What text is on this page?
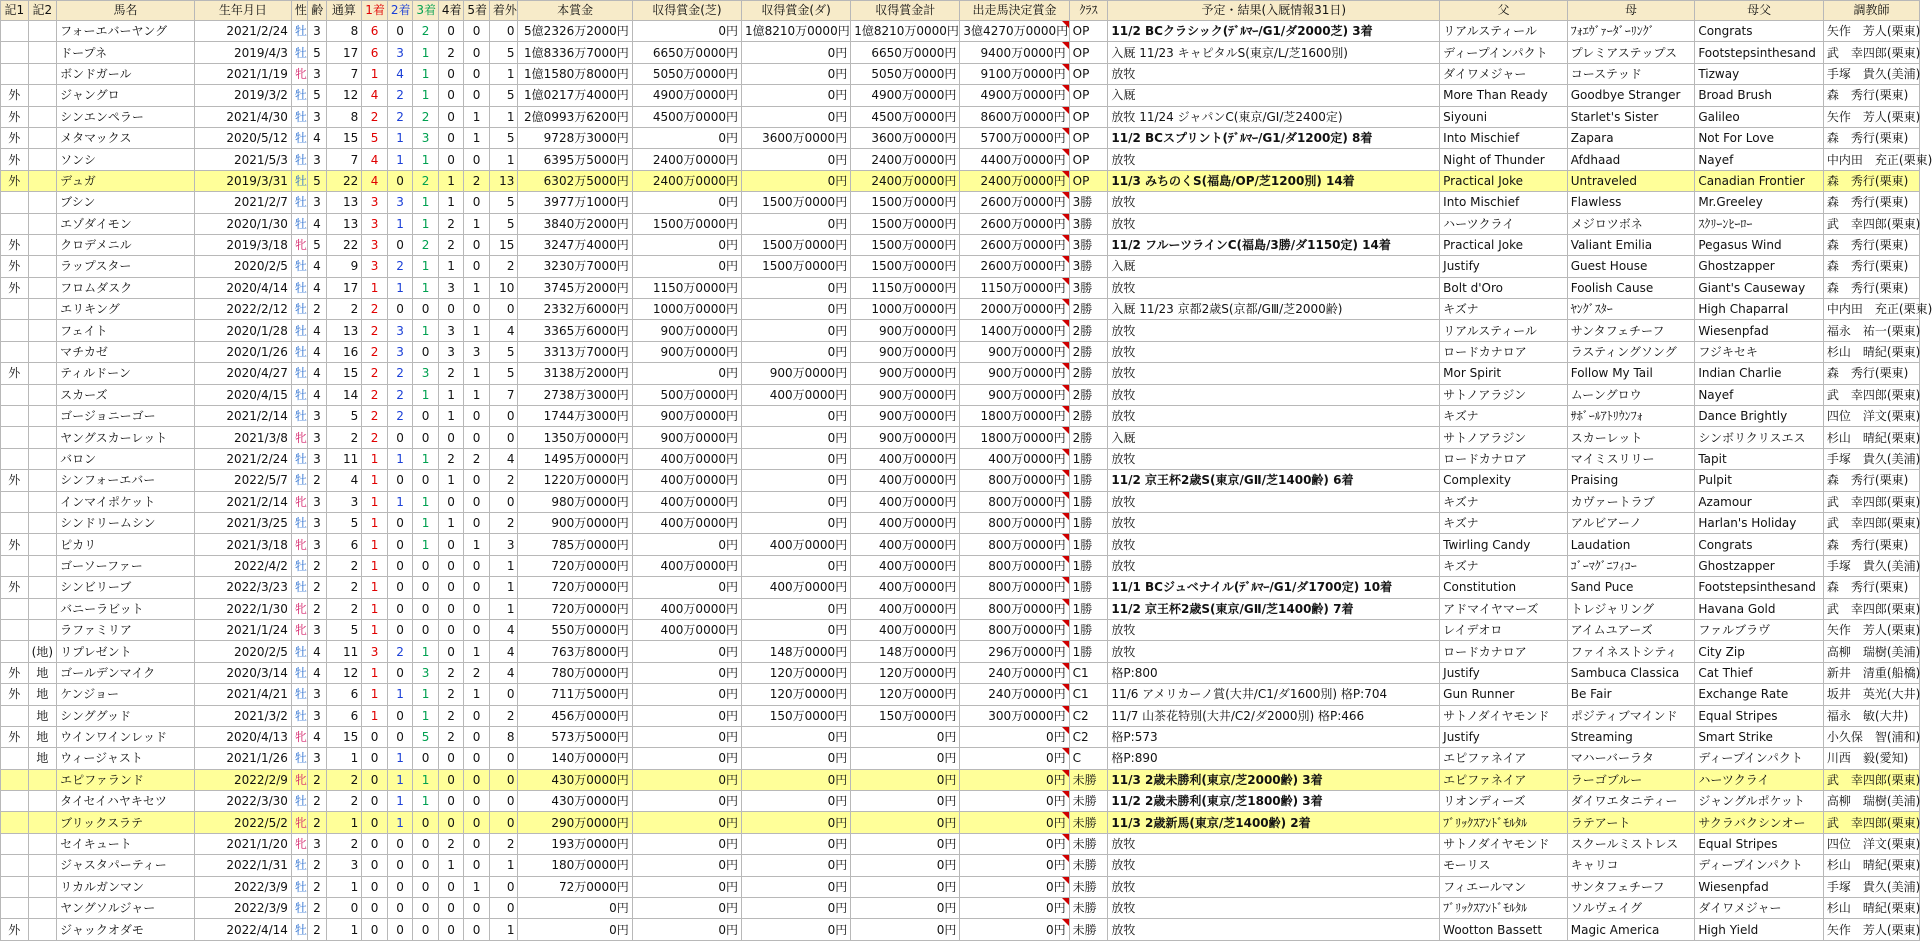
記1	記2	馬名	生年月日	性	齢	通算	1着	2着	3着	4着	5着	着外	本賞金	収得賞金(芝)	収得賞金(ダ)	収得賞金計	出走馬決定賞金	ｸﾗｽ	予定・結果(入厩情報31日)	父	母	母父	調教師
		フォーエバーヤング	2021/2/24	牡	3	8	6	0	2	0	0	0	5億2326万2000円	0円	1億8210万0000円	1億8210万0000円	3億4270万0000円	OP	11/2 BCクラシック(ﾃﾞﾙﾏｰ/G1/ダ2000芝) 3着	リアルスティール	ﾌｫｴｳﾞｧｰﾀﾞｰﾘﾝｸﾞ	Congrats	矢作　芳人(栗東)
		ドープネ	2019/4/3	牡	5	17	6	3	1	2	0	5	1億8336万7000円	6650万0000円	0円	6650万0000円	9400万0000円	OP	入厩 11/23 キャピタルS(東京/L/芝1600別)	ディープインパクト	プレミアステップス	Footstepsinthesand	武　幸四郎(栗東)
		ボンドガール	2021/1/19	牝	3	7	1	4	1	0	0	1	1億1580万8000円	5050万0000円	0円	5050万0000円	9100万0000円	OP	放牧	ダイワメジャー	コーステッド	Tizway	手塚　貴久(美浦)
外		ジャングロ	2019/3/2	牡	5	12	4	2	1	0	0	5	1億0217万4000円	4900万0000円	0円	4900万0000円	4900万0000円	OP	入厩	More Than Ready	Goodbye Stranger	Broad Brush	森　秀行(栗東)
外		シンエンペラー	2021/4/30	牡	3	8	2	2	2	0	1	1	2億0993万6200円	4500万0000円	0円	4500万0000円	8600万0000円	OP	放牧 11/24 ジャパンC(東京/GⅠ/芝2400定)	Siyouni	Starlet's Sister	Galileo	矢作　芳人(栗東)
外		メタマックス	2020/5/12	牡	4	15	5	1	3	0	1	5	9728万3000円	0円	3600万0000円	3600万0000円	5700万0000円	OP	11/2 BCスプリント(ﾃﾞﾙﾏｰ/G1/ダ1200定) 8着	Into Mischief	Zapara	Not For Love	森　秀行(栗東)
外		ソンシ	2021/5/3	牡	3	7	4	1	1	0	0	1	6395万5000円	2400万0000円	0円	2400万0000円	4400万0000円	OP	放牧	Night of Thunder	Afdhaad	Nayef	中内田　充正(栗東)
外		デュガ	2019/3/31	牡	5	22	4	0	2	1	2	13	6302万5000円	2400万0000円	0円	2400万0000円	2400万0000円	OP	11/3 みちのくS(福島/OP/芝1200別) 14着	Practical Joke	Untraveled	Canadian Frontier	森　秀行(栗東)
		ブシン	2021/2/7	牡	3	13	3	3	1	1	0	5	3977万1000円	0円	1500万0000円	1500万0000円	2600万0000円	3勝	放牧	Into Mischief	Flawless	Mr.Greeley	森　秀行(栗東)
		エゾダイモン	2020/1/30	牡	4	13	3	1	1	2	1	5	3840万2000円	1500万0000円	0円	1500万0000円	2600万0000円	3勝	放牧	ハーツクライ	メジロツボネ	ｽｸﾘｰﾝﾋｰﾛｰ	武　幸四郎(栗東)
外		クロデメニル	2019/3/18	牝	5	22	3	0	2	2	0	15	3247万4000円	0円	1500万0000円	1500万0000円	2600万0000円	3勝	11/2 フルーツラインC(福島/3勝/ダ1150定) 14着	Practical Joke	Valiant Emilia	Pegasus Wind	森　秀行(栗東)
外		ラップスター	2020/2/5	牡	4	9	3	2	1	1	0	2	3230万7000円	0円	1500万0000円	1500万0000円	2600万0000円	3勝	入厩	Justify	Guest House	Ghostzapper	森　秀行(栗東)
外		フロムダスク	2020/4/14	牡	4	17	1	1	1	3	1	10	3745万2000円	1150万0000円	0円	1150万0000円	1150万0000円	3勝	放牧	Bolt d'Oro	Foolish Cause	Giant's Causeway	森　秀行(栗東)
		エリキング	2022/2/12	牡	2	2	2	0	0	0	0	0	2332万6000円	1000万0000円	0円	1000万0000円	2000万0000円	2勝	入厩 11/23 京都2歳S(京都/GⅢ/芝2000齢)	キズナ	ﾔﾝｸﾞｽﾀｰ	High Chaparral	中内田　充正(栗東)
		フェイト	2020/1/28	牡	4	13	2	3	1	3	1	4	3365万6000円	900万0000円	0円	900万0000円	1400万0000円	2勝	放牧	リアルスティール	サンタフェチーフ	Wiesenpfad	福永　祐一(栗東)
		マチカゼ	2020/1/26	牡	4	16	2	3	0	3	3	5	3313万7000円	900万0000円	0円	900万0000円	900万0000円	2勝	放牧	ロードカナロア	ラスティングソング	フジキセキ	杉山　晴紀(栗東)
外		ティルドーン	2020/4/27	牡	4	15	2	2	3	2	1	5	3138万2000円	0円	900万0000円	900万0000円	900万0000円	2勝	放牧	Mor Spirit	Follow My Tail	Indian Charlie	森　秀行(栗東)
		スカーズ	2020/4/15	牡	4	14	2	2	1	1	1	7	2738万3000円	500万0000円	400万0000円	900万0000円	900万0000円	2勝	放牧	サトノアラジン	ムーングロウ	Nayef	武　幸四郎(栗東)
		ゴージョニーゴー	2021/2/14	牡	3	5	2	2	0	1	0	0	1744万3000円	900万0000円	0円	900万0000円	1800万0000円	2勝	放牧	キズナ	ｻﾎﾞｰﾙｱﾄﾘｳﾝﾌｫ	Dance Brightly	四位　洋文(栗東)
		ヤングスカーレット	2021/3/8	牝	3	2	2	0	0	0	0	0	1350万0000円	900万0000円	0円	900万0000円	1800万0000円	2勝	入厩	サトノアラジン	スカーレット	シンボリクリスエス	杉山　晴紀(栗東)
		バロン	2021/2/24	牡	3	11	1	1	1	2	2	4	1495万0000円	400万0000円	0円	400万0000円	400万0000円	1勝	放牧	ロードカナロア	マイミスリリー	Tapit	手塚　貴久(美浦)
外		シンフォーエバー	2022/5/7	牡	2	4	1	0	0	1	0	2	1220万0000円	400万0000円	0円	400万0000円	800万0000円	1勝	11/2 京王杯2歳S(東京/GⅡ/芝1400齢) 6着	Complexity	Praising	Pulpit	森　秀行(栗東)
		インマイポケット	2021/2/14	牝	3	3	1	1	1	0	0	0	980万0000円	400万0000円	0円	400万0000円	800万0000円	1勝	放牧	キズナ	カヴァートラブ	Azamour	武　幸四郎(栗東)
		シンドリームシン	2021/3/25	牡	3	5	1	0	1	1	0	2	900万0000円	400万0000円	0円	400万0000円	800万0000円	1勝	放牧	キズナ	アルビアーノ	Harlan's Holiday	武　幸四郎(栗東)
外		ピカリ	2021/3/18	牝	3	6	1	0	1	0	1	3	785万0000円	0円	400万0000円	400万0000円	800万0000円	1勝	放牧	Twirling Candy	Laudation	Congrats	森　秀行(栗東)
		ゴーソーファー	2022/4/2	牡	2	2	1	0	0	0	0	1	720万0000円	400万0000円	0円	400万0000円	800万0000円	1勝	放牧	キズナ	ｺﾞｰﾏｸﾞﾆﾌｨｺｰ	Ghostzapper	手塚　貴久(美浦)
外		シンビリーブ	2022/3/23	牡	2	2	1	0	0	0	0	1	720万0000円	0円	400万0000円	400万0000円	800万0000円	1勝	11/1 BCジュベナイル(ﾃﾞﾙﾏｰ/G1/ダ1700定) 10着	Constitution	Sand Puce	Footstepsinthesand	森　秀行(栗東)
		バニーラビット	2022/1/30	牝	2	2	1	0	0	0	0	1	720万0000円	400万0000円	0円	400万0000円	800万0000円	1勝	11/2 京王杯2歳S(東京/GⅡ/芝1400齢) 7着	アドマイヤマーズ	トレジャリング	Havana Gold	武　幸四郎(栗東)
		ラファミリア	2021/1/24	牝	3	5	1	0	0	0	0	4	550万0000円	400万0000円	0円	400万0000円	800万0000円	1勝	放牧	レイデオロ	アイムユアーズ	ファルブラヴ	矢作　芳人(栗東)
	(地)	リプレゼント	2020/2/5	牡	4	11	3	2	1	0	1	4	763万8000円	0円	148万0000円	148万0000円	296万0000円	1勝	放牧	ロードカナロア	ファイネストシティ	City Zip	高柳　瑞樹(美浦)
外	地	ゴールデンマイク	2020/3/14	牡	4	12	1	0	3	2	2	4	780万0000円	0円	120万0000円	120万0000円	240万0000円	C1	格P:800	Justify	Sambuca Classica	Cat Thief	新井　清重(船橋)
外	地	ケンジョー	2021/4/21	牡	3	6	1	1	1	2	1	0	711万5000円	0円	120万0000円	120万0000円	240万0000円	C1	11/6 アメリカーノ賞(大井/C1/ダ1600別) 格P:704	Gun Runner	Be Fair	Exchange Rate	坂井　英光(大井)
	地	シンググッド	2021/3/2	牡	3	6	1	0	1	2	0	2	456万0000円	0円	150万0000円	150万0000円	300万0000円	C2	11/7 山茶花特別(大井/C2/ダ2000別) 格P:466	サトノダイヤモンド	ポジティブマインド	Equal Stripes	福永　敏(大井)
外	地	ウインワインレッド	2020/4/13	牝	4	15	0	0	5	2	0	8	573万5000円	0円	0円	0円	0円	C2	格P:573	Justify	Streaming	Smart Strike	小久保　智(浦和)
	地	ウィージャスト	2021/1/26	牡	3	1	0	1	0	0	0	0	140万0000円	0円	0円	0円	0円	C	格P:890	エピファネイア	マハーバーラタ	ディープインパクト	川西　毅(愛知)
		エピファランド	2022/2/9	牝	2	2	0	1	1	0	0	0	430万0000円	0円	0円	0円	0円	未勝	11/3 2歳未勝利(東京/芝2000齢) 3着	エピファネイア	ラーゴブルー	ハーツクライ	武　幸四郎(栗東)
		タイセイハヤキセツ	2022/3/30	牡	2	2	0	1	1	0	0	0	430万0000円	0円	0円	0円	0円	未勝	11/2 2歳未勝利(東京/芝1800齢) 3着	リオンディーズ	ダイワエタニティー	ジャングルポケット	高柳　瑞樹(美浦)
		ブリックスラテ	2022/5/2	牝	2	1	0	1	0	0	0	0	290万0000円	0円	0円	0円	0円	未勝	11/3 2歳新馬(東京/芝1400齢) 2着	ﾌﾞﾘｯｸｽｱﾝﾄﾞﾓﾙﾀﾙ	ラテアート	サクラバクシンオー	武　幸四郎(栗東)
		セイキュート	2021/1/20	牝	3	2	0	0	0	2	0	2	193万0000円	0円	0円	0円	0円	未勝	放牧	サトノダイヤモンド	スクールミストレス	Equal Stripes	四位　洋文(栗東)
		ジャスタパーティー	2022/1/31	牡	2	3	0	0	0	1	0	1	180万0000円	0円	0円	0円	0円	未勝	放牧	モーリス	キャリコ	ディープインパクト	杉山　晴紀(栗東)
		リカルガンマン	2022/3/9	牡	2	1	0	0	0	0	1	0	72万0000円	0円	0円	0円	0円	未勝	放牧	フィエールマン	サンタフェチーフ	Wiesenpfad	手塚　貴久(美浦)
		ヤングソルジャー	2022/3/9	牡	2	0	0	0	0	0	0	0	0円	0円	0円	0円	0円	未勝	放牧	ﾌﾞﾘｯｸｽｱﾝﾄﾞﾓﾙﾀﾙ	ソルヴェイグ	ダイワメジャー	杉山　晴紀(栗東)
外		ジャックオダモ	2022/4/14	牡	2	1	0	0	0	0	0	1	0円	0円	0円	0円	0円	未勝	放牧	Wootton Bassett	Magic America	High Yield	矢作　芳人(栗東)
